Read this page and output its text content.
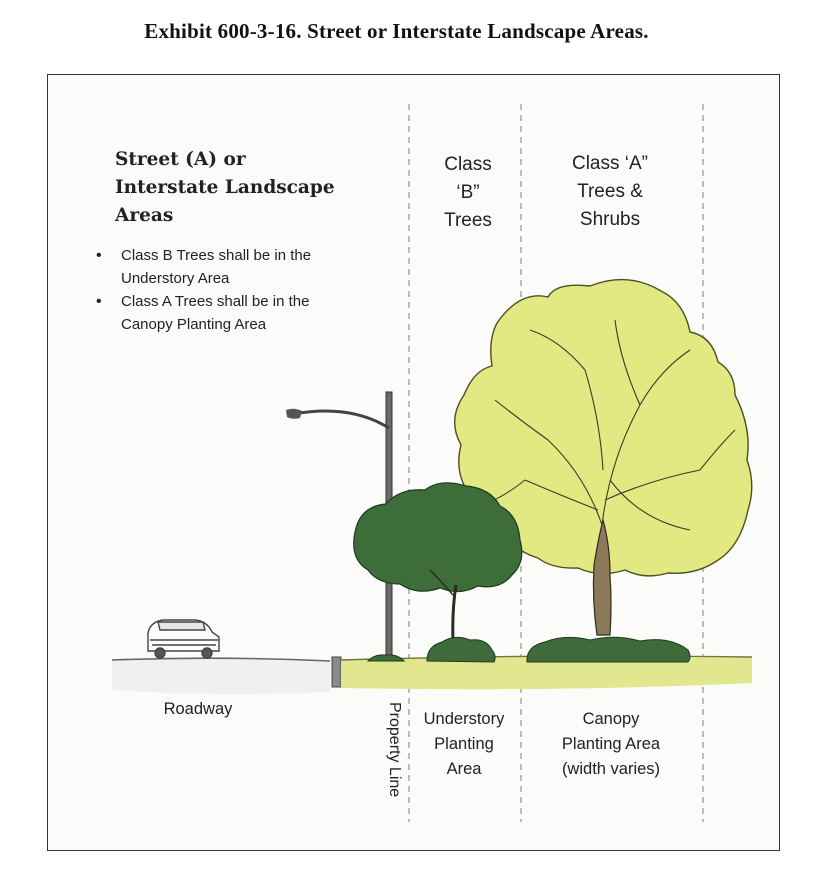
Exhibit 600-3-16. Street or Interstate Landscape Areas.
Street (A) or
Interstate Landscape
Areas
• Class B Trees shall be in the
Understory Area
• Class A Trees shall be in the
Canopy Planting Area
Class
‘B”
Trees
Class ‘A”
Trees &
Shrubs
Roadway	Property Line	Understory
Planting
Area
Canopy
Planting Area
(width varies)
